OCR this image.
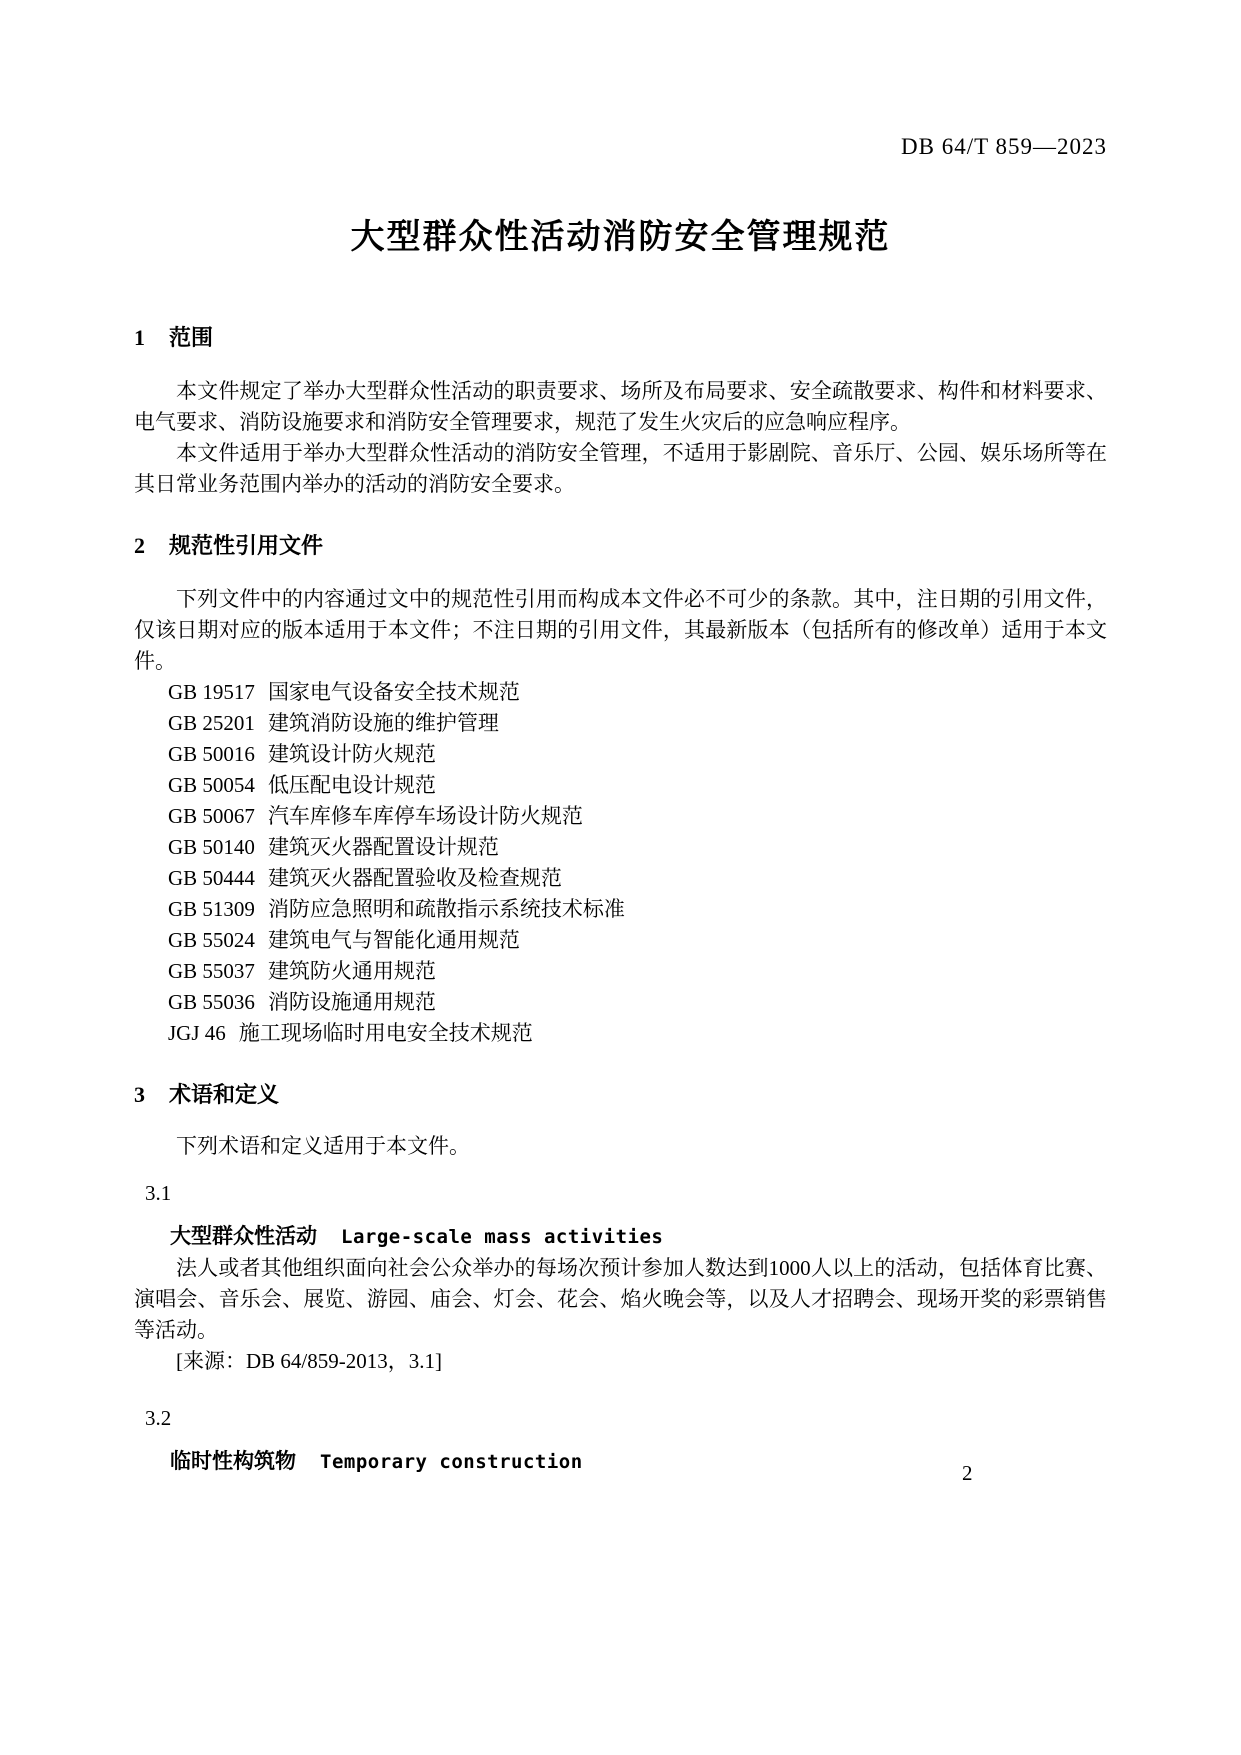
DB 64/T 859—2023
大型群众性活动消防安全管理规范
1 范围

本文件规定了举办大型群众性活动的职责要求、场所及布局要求、安全疏散要求、构件和材料要求、电气要求、消防设施要求和消防安全管理要求，规范了发生火灾后的应急响应程序。

本文件适用于举办大型群众性活动的消防安全管理，不适用于影剧院、音乐厅、公园、娱乐场所等在其日常业务范围内举办的活动的消防安全要求。

2 规范性引用文件

下列文件中的内容通过文中的规范性引用而构成本文件必不可少的条款。其中，注日期的引用文件，仅该日期对应的版本适用于本文件；不注日期的引用文件，其最新版本（包括所有的修改单）适用于本文件。

GB 19517 国家电气设备安全技术规范
GB 25201 建筑消防设施的维护管理
GB 50016 建筑设计防火规范
GB 50054 低压配电设计规范
GB 50067 汽车库修车库停车场设计防火规范
GB 50140 建筑灭火器配置设计规范
GB 50444 建筑灭火器配置验收及检查规范
GB 51309 消防应急照明和疏散指示系统技术标准
GB 55024 建筑电气与智能化通用规范
GB 55037 建筑防火通用规范
GB 55036 消防设施通用规范
JGJ 46 施工现场临时用电安全技术规范
3 术语和定义

下列术语和定义适用于本文件。

3.1
大型群众性活动 Large-scale mass activities

法人或者其他组织面向社会公众举办的每场次预计参加人数达到1000人以上的活动，包括体育比赛、演唱会、音乐会、展览、游园、庙会、灯会、花会、焰火晚会等，以及人才招聘会、现场开奖的彩票销售等活动。

[来源：DB 64/859-2013，3.1]

3.2
临时性构筑物 Temporary construction	2
